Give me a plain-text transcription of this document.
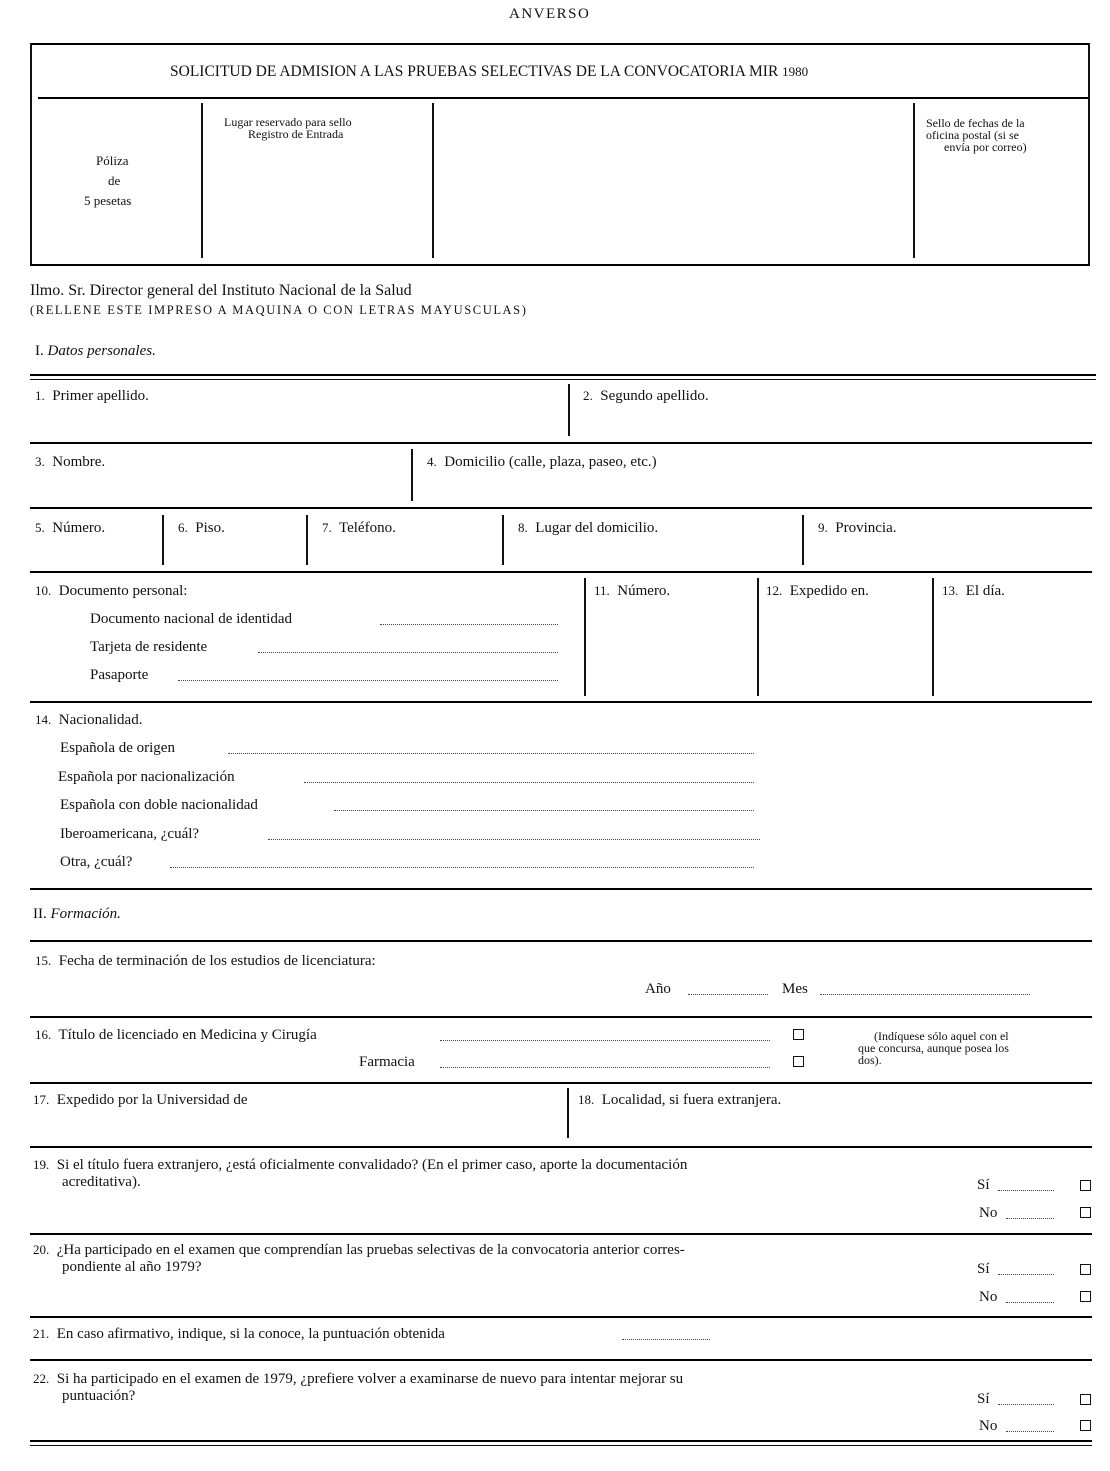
ANVERSO
SOLICITUD DE ADMISION A LAS PRUEBAS SELECTIVAS DE LA CONVOCATORIA MIR 1980
Póliza
de
5 pesetas
Lugar reservado para sello
Registro de Entrada
Sello de fechas de la
oficina postal (si se
envía por correo)
Ilmo. Sr. Director general del Instituto Nacional de la Salud
(RELLENE ESTE IMPRESO A MAQUINA O CON LETRAS MAYUSCULAS)
I. Datos personales.
1. Primer apellido.	2. Segundo apellido.
3. Nombre.	4. Domicilio (calle, plaza, paseo, etc.)
5. Número.	6. Piso.	7. Teléfono.	8. Lugar del domicilio.	9. Provincia.
10. Documento personal:
Documento nacional de identidad
Tarjeta de residente
Pasaporte
11. Número.	12. Expedido en.	13. El día.
14. Nacionalidad.
Española de origen
Española por nacionalización
Española con doble nacionalidad
Iberoamericana, ¿cuál?
Otra, ¿cuál?
II. Formación.
15. Fecha de terminación de los estudios de licenciatura:
Año	Mes
16. Título de licenciado en Medicina y Cirugía
Farmacia
(Indíquese sólo aquel con el
que concursa, aunque posea los
dos).
17. Expedido por la Universidad de	18. Localidad, si fuera extranjera.
19. Si el título fuera extranjero, ¿está oficialmente convalidado? (En el primer caso, aporte la documentación
acreditativa).	Sí
No
20. ¿Ha participado en el examen que comprendían las pruebas selectivas de la convocatoria anterior corres-
pondiente al año 1979?	Sí
No
21. En caso afirmativo, indique, si la conoce, la puntuación obtenida
22. Si ha participado en el examen de 1979, ¿prefiere volver a examinarse de nuevo para intentar mejorar su
puntuación?	Sí
No
